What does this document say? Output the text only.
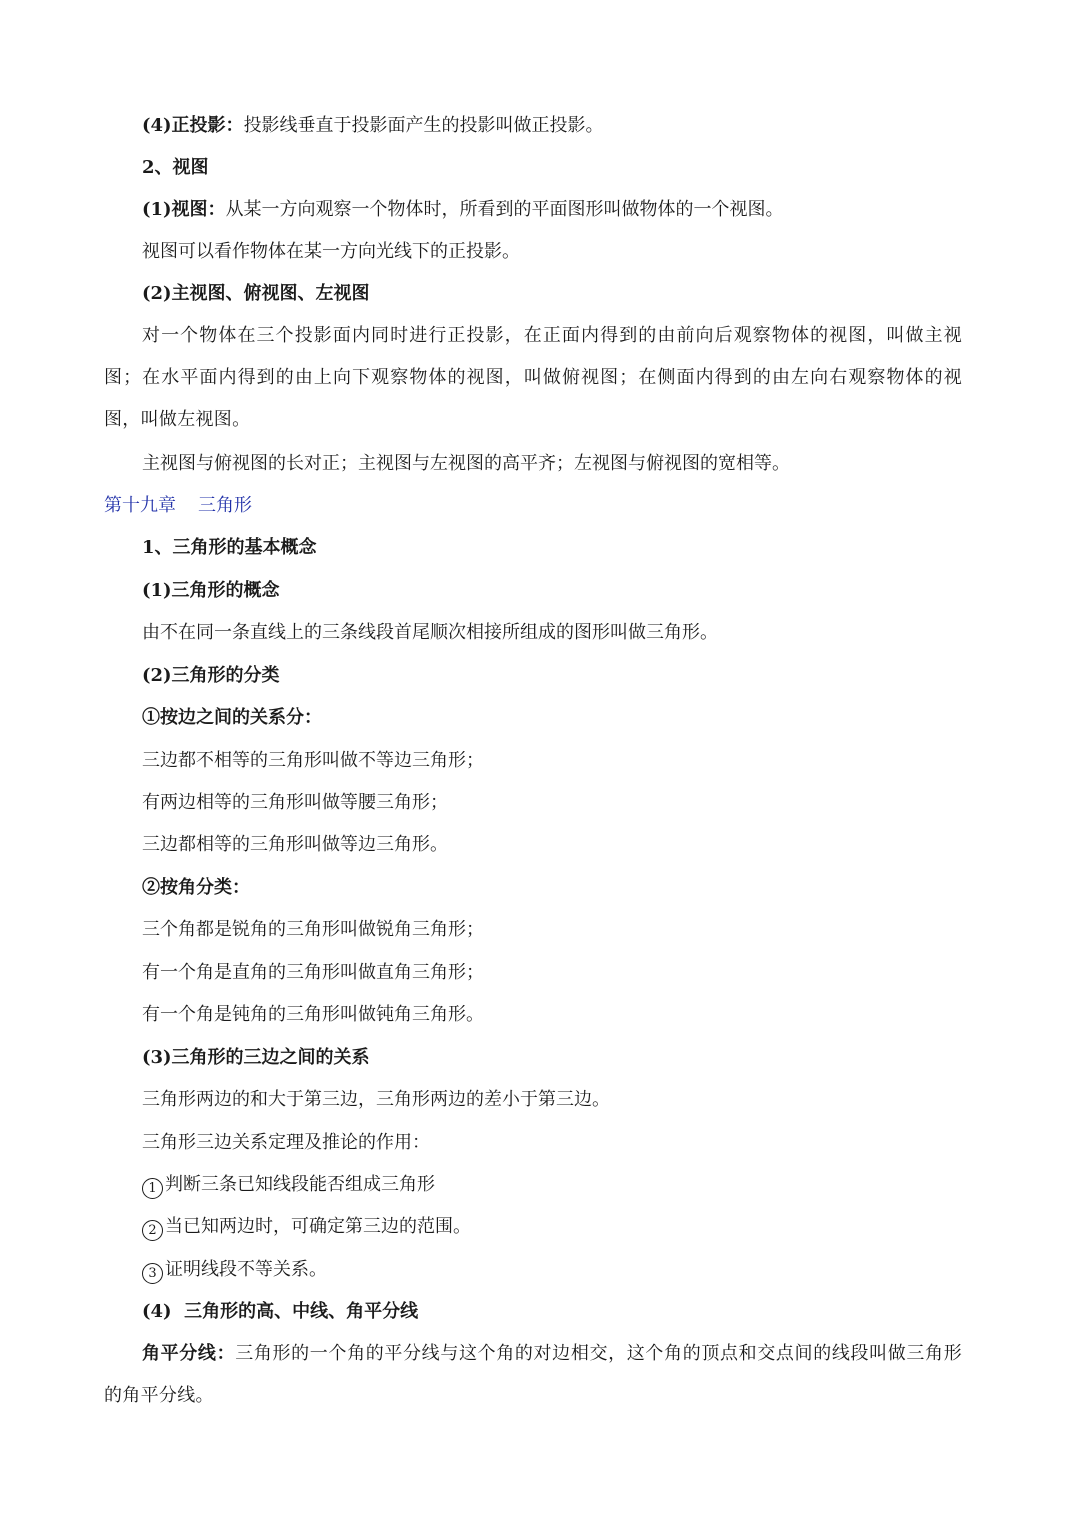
(4)正投影：投影线垂直于投影面产生的投影叫做正投影。

2、视图

(1)视图：从某一方向观察一个物体时，所看到的平面图形叫做物体的一个视图。

视图可以看作物体在某一方向光线下的正投影。

(2)主视图、俯视图、左视图

对一个物体在三个投影面内同时进行正投影，在正面内得到的由前向后观察物体的视图，叫做主视图；在水平面内得到的由上向下观察物体的视图，叫做俯视图；在侧面内得到的由左向右观察物体的视图，叫做左视图。

主视图与俯视图的长对正；主视图与左视图的高平齐；左视图与俯视图的宽相等。

第十九章 三角形

1、三角形的基本概念

(1)三角形的概念

由不在同一条直线上的三条线段首尾顺次相接所组成的图形叫做三角形。

(2)三角形的分类

①按边之间的关系分：

三边都不相等的三角形叫做不等边三角形；

有两边相等的三角形叫做等腰三角形；

三边都相等的三角形叫做等边三角形。

②按角分类：

三个角都是锐角的三角形叫做锐角三角形；

有一个角是直角的三角形叫做直角三角形；

有一个角是钝角的三角形叫做钝角三角形。

(3)三角形的三边之间的关系

三角形两边的和大于第三边，三角形两边的差小于第三边。

三角形三边关系定理及推论的作用：

1 判断三条已知线段能否组成三角形

2 当已知两边时，可确定第三边的范围。

3 证明线段不等关系。

(4)  三角形的高、中线、角平分线

角平分线：三角形的一个角的平分线与这个角的对边相交，这个角的顶点和交点间的线段叫做三角形的角平分线。
